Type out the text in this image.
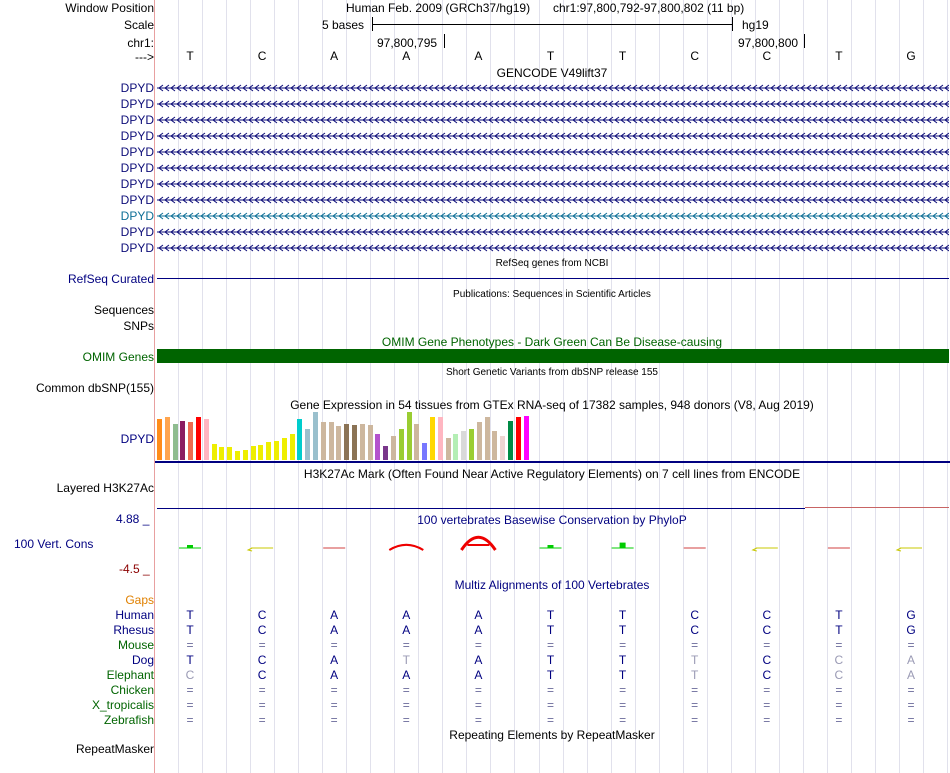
Window Position
Scale
chr1:
--->
Human Feb. 2009 (GRCh37/hg19) chr1:97,800,792-97,800,802 (11 bp)
5 bases	hg19
97,800,795	97,800,800
T	C	A	A	A	T	T	C	C	T	G
GENCODE V49lift37
DPYD
DPYD
DPYD
DPYD
DPYD
DPYD
DPYD
DPYD
DPYD
DPYD
DPYD
RefSeq genes from NCBI
RefSeq Curated
Publications: Sequences in Scientific Articles
Sequences
SNPs
OMIM Gene Phenotypes - Dark Green Can Be Disease-causing
OMIM Genes
Short Genetic Variants from dbSNP release 155
Common dbSNP(155)
Gene Expression in 54 tissues from GTEx RNA-seq of 17382 samples, 948 donors (V8, Aug 2019)
DPYD
H3K27Ac Mark (Often Found Near Active Regulatory Elements) on 7 cell lines from ENCODE
Layered H3K27Ac
100 vertebrates Basewise Conservation by PhyloP
4.88 _
100 Vert. Cons
-4.5 _
Multiz Alignments of 100 Vertebrates
Gaps
Human	T	C	A	A	A	T	T	C	C	T	G
Rhesus	T	C	A	A	A	T	T	C	C	T	G
Mouse	=	=	=	=	=	=	=	=	=	=	=
Dog	T	C	A	T	A	T	T	T	C	C	A
Elephant	C	C	A	A	A	T	T	T	C	C	A
Chicken	=	=	=	=	=	=	=	=	=	=	=
X_tropicalis	=	=	=	=	=	=	=	=	=	=	=
Zebrafish	=	=	=	=	=	=	=	=	=	=	=
Repeating Elements by RepeatMasker
RepeatMasker
